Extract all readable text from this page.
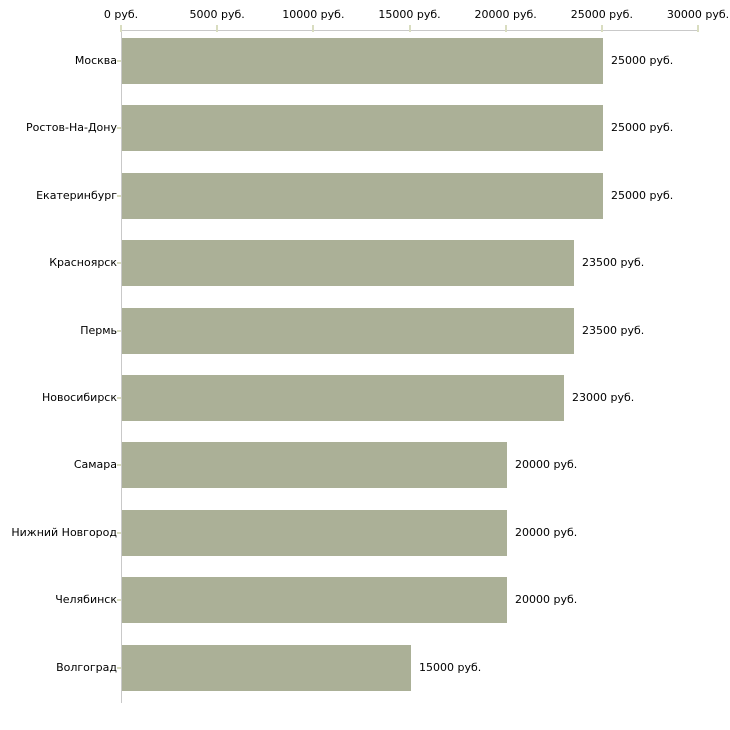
0 руб.	5000 руб.	10000 руб.	15000 руб.	20000 руб.	25000 руб.	30000 руб.
Москва	25000 руб.
Ростов-На-Дону	25000 руб.
Екатеринбург	25000 руб.
Красноярск	23500 руб.
Пермь	23500 руб.
Новосибирск	23000 руб.
Самара	20000 руб.
Нижний Новгород	20000 руб.
Челябинск	20000 руб.
Волгоград	15000 руб.
